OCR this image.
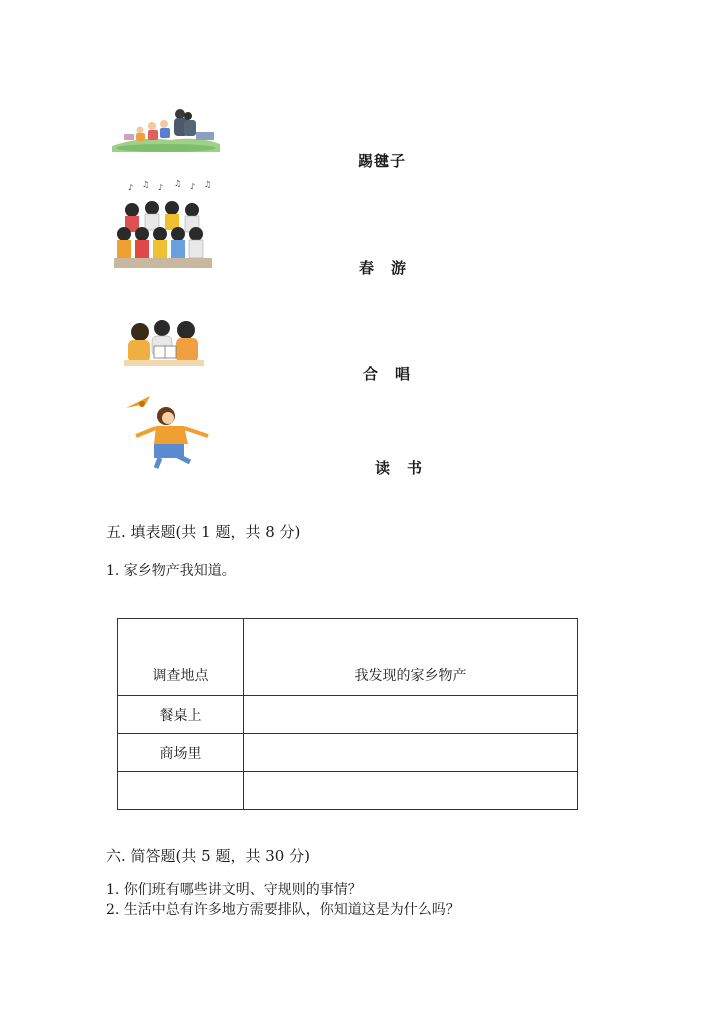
♪ ♫ ♪ ♫ ♪ ♫
踢毽子
春　游
合　唱
读　书
五. 填表题(共 1 题，共 8 分)
1. 家乡物产我知道。
调查地点	我发现的家乡物产
餐桌上	
商场里	

六. 简答题(共 5 题，共 30 分)
1. 你们班有哪些讲文明、守规则的事情？
2. 生活中总有许多地方需要排队，你知道这是为什么吗？
